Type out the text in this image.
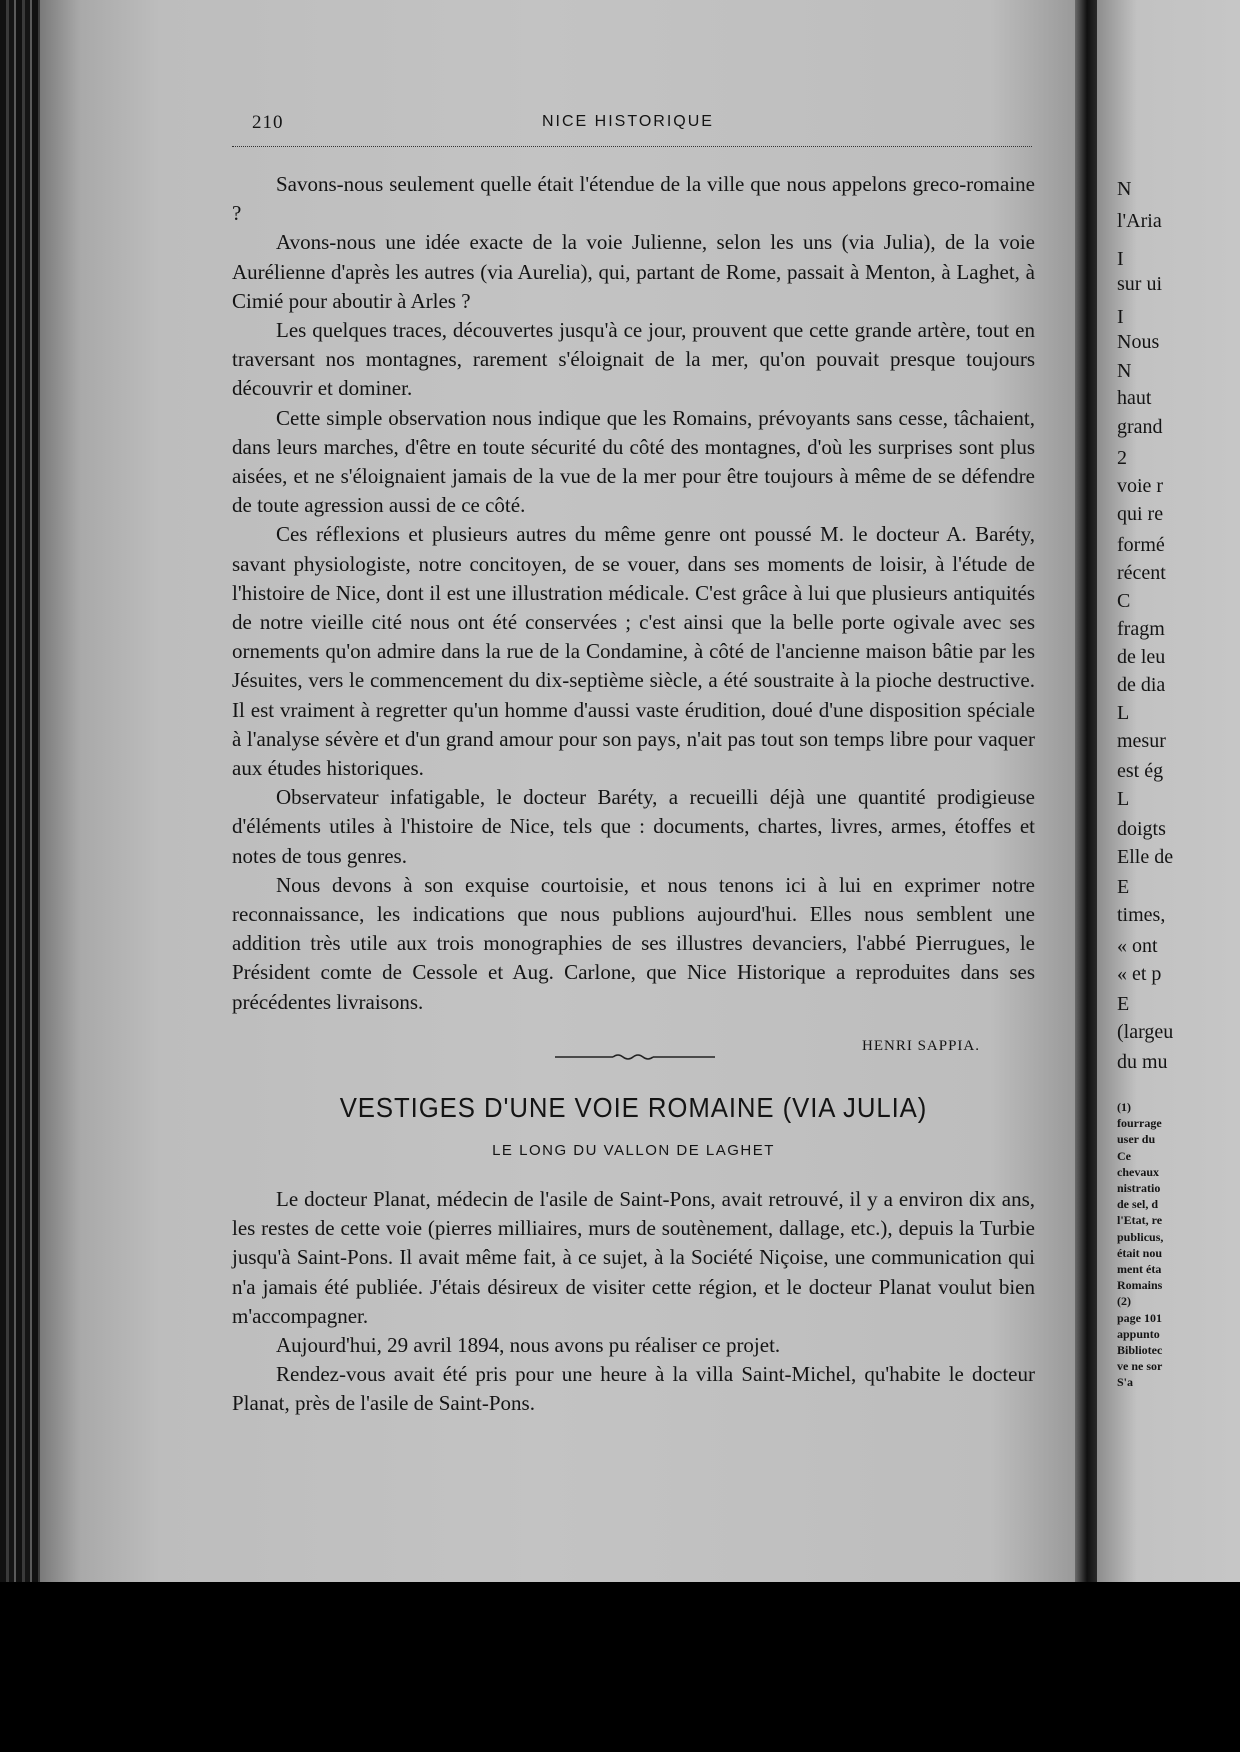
N
l'Aria
I
sur ui
I
Nous
N
haut
grand
2
voie r
qui re
formé
récent
C
fragm
de leu
de dia
L
mesur
est ég
L
doigts
Elle de
E
times,
« ont
« et p
E
(largeu
du mu
(1)
fourrage
user du
Ce
chevaux
nistratio
de sel, d
l'Etat, re
publicus,
était nou
ment éta
Romains
(2)
page 101
appunto
Bibliotec
ve ne sor
S'a
210	NICE HISTORIQUE

Savons-nous seulement quelle était l'étendue de la ville que nous appelons greco-romaine ?

Avons-nous une idée exacte de la voie Julienne, selon les uns (via Julia), de la voie Aurélienne d'après les autres (via Aurelia), qui, partant de Rome, passait à Menton, à Laghet, à Cimié pour aboutir à Arles ?

Les quelques traces, découvertes jusqu'à ce jour, prouvent que cette grande artère, tout en traversant nos montagnes, rarement s'éloignait de la mer, qu'on pouvait presque toujours découvrir et dominer.

Cette simple observation nous indique que les Romains, prévoyants sans cesse, tâchaient, dans leurs marches, d'être en toute sécurité du côté des montagnes, d'où les surprises sont plus aisées, et ne s'éloignaient jamais de la vue de la mer pour être toujours à même de se défendre de toute agression aussi de ce côté.

Ces réflexions et plusieurs autres du même genre ont poussé M. le docteur A. Baréty, savant physiologiste, notre concitoyen, de se vouer, dans ses moments de loisir, à l'étude de l'histoire de Nice, dont il est une illustration médicale. C'est grâce à lui que plusieurs antiquités de notre vieille cité nous ont été conservées ; c'est ainsi que la belle porte ogivale avec ses ornements qu'on admire dans la rue de la Condamine, à côté de l'ancienne maison bâtie par les Jésuites, vers le commencement du dix-septième siècle, a été soustraite à la pioche destructive. Il est vraiment à regretter qu'un homme d'aussi vaste érudition, doué d'une disposition spéciale à l'analyse sévère et d'un grand amour pour son pays, n'ait pas tout son temps libre pour vaquer aux études historiques.

Observateur infatigable, le docteur Baréty, a recueilli déjà une quantité prodigieuse d'éléments utiles à l'histoire de Nice, tels que : documents, chartes, livres, armes, étoffes et notes de tous genres.

Nous devons à son exquise courtoisie, et nous tenons ici à lui en exprimer notre reconnaissance, les indications que nous publions aujourd'hui. Elles nous semblent une addition très utile aux trois monographies de ses illustres devanciers, l'abbé Pierrugues, le Président comte de Cessole et Aug. Carlone, que Nice Historique a reproduites dans ses précédentes livraisons.

HENRI SAPPIA.
VESTIGES D'UNE VOIE ROMAINE (VIA JULIA)
LE LONG DU VALLON DE LAGHET

Le docteur Planat, médecin de l'asile de Saint-Pons, avait retrouvé, il y a environ dix ans, les restes de cette voie (pierres milliaires, murs de soutènement, dallage, etc.), depuis la Turbie jusqu'à Saint-Pons. Il avait même fait, à ce sujet, à la Société Niçoise, une communication qui n'a jamais été publiée. J'étais désireux de visiter cette région, et le docteur Planat voulut bien m'accompagner.

Aujourd'hui, 29 avril 1894, nous avons pu réaliser ce projet.

Rendez-vous avait été pris pour une heure à la villa Saint-Michel, qu'habite le docteur Planat, près de l'asile de Saint-Pons.
